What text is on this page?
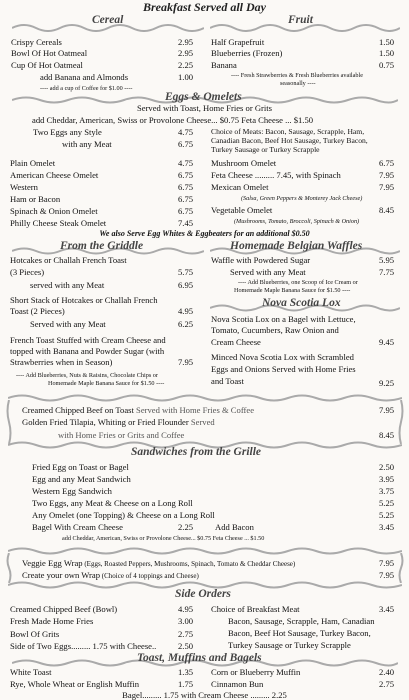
Breakfast Served all Day
Cereal	Fruit
Crispy Cereals	2.95
Bowl Of Hot Oatmeal	2.95
Cup Of Hot Oatmeal	2.25
add Banana and Almonds	1.00
---- add a cup of Coffee for $1.00 ----
Half Grapefruit	1.50
Blueberries (Frozen)	1.50
Banana	0.75
---- Fresh Strawberries & Fresh Blueberries available
seasonally ----
Eggs & Omelets
Served with Toast, Home Fries or Grits
add Cheddar, American, Swiss or Provolone Cheese... $0.75 Feta Cheese ... $1.50
Two Eggs any Style	4.75
with any Meat	6.75
Choice of Meats: Bacon, Sausage, Scrapple, Ham,
Canadian Bacon, Beef Hot Sausage, Turkey Bacon,
Turkey Sausage or Turkey Scrapple
Plain Omelet	4.75
American Cheese Omelet	6.75
Western	6.75
Ham or Bacon	6.75
Spinach & Onion Omelet	6.75
Philly Cheese Steak Omelet	7.45
Mushroom Omelet	6.75
Feta Cheese ......... 7.45, with Spinach	7.95
Mexican Omelet	7.95
(Salsa, Green Peppers & Monterey Jack Cheese)
Vegetable Omelet	8.45
(Mushrooms, Tomato, Broccoli, Spinach & Onion)
We also Serve Egg Whites & Eggbeaters for an additional $0.50
From the Griddle	Homemade Belgian Waffles
Hotcakes or Challah French Toast
(3 Pieces)	5.75
served with any Meat	6.95
Short Stack of Hotcakes or Challah French
Toast (2 Pieces)	4.95
Served with any Meat	6.25
French Toast Stuffed with Cream Cheese and
topped with Banana and Powder Sugar (with
Strawberries when in Season)	7.95
---- Add Blueberries, Nuts & Raisins, Chocolate Chips or
Homemade Maple Banana Sauce for $1.50 ----
Waffle with Powdered Sugar	5.95
Served with any Meat	7.75
---- Add Blueberries, one Scoop of Ice Cream or
Homemade Maple Banana Sauce for $1.50 ----
Nova Scotia Lox
Nova Scotia Lox on a Bagel with Lettuce,
Tomato, Cucumbers, Raw Onion and
Cream Cheese	9.45
Minced Nova Scotia Lox with Scrambled
Eggs and Onions Served with Home Fries
and Toast	9.25
Creamed Chipped Beef on Toast Served with Home Fries & Coffee	7.95
Golden Fried Tilapia, Whiting or Fried Flounder Served
with Home Fries or Grits and Coffee	8.45
Sandwiches from the Grille
Fried Egg on Toast or Bagel	2.50
Egg and any Meat Sandwich	3.95
Western Egg Sandwich	3.75
Two Eggs, any Meat & Cheese on a Long Roll	5.25
Any Omelet (one Topping) & Cheese on a Long Roll	5.25
Bagel With Cream Cheese	2.25	Add Bacon	3.45
add Cheddar, American, Swiss or Provolone Cheese... $0.75 Feta Cheese ... $1.50
Veggie Egg Wrap (Eggs, Roasted Peppers, Mushrooms, Spinach, Tomato & Cheddar Cheese)	7.95
Create your own Wrap (Choice of 4 toppings and Cheese)	7.95
Side Orders
Creamed Chipped Beef (Bowl)	4.95
Fresh Made Home Fries	3.00
Bowl Of Grits	2.75
Side of Two Eggs......... 1.75 with Cheese..	2.50
Choice of Breakfast Meat	3.45
Bacon, Sausage, Scrapple, Ham, Canadian
Bacon, Beef Hot Sausage, Turkey Bacon,
Turkey Sausage or Turkey Scrapple
Toast, Muffins and Bagels
White Toast	1.35
Rye, Whole Wheat or English Muffin	1.75
Corn or Blueberry Muffin	2.40
Cinnamon Bun	2.75
Bagel......... 1.75 with Cream Cheese ......... 2.25
